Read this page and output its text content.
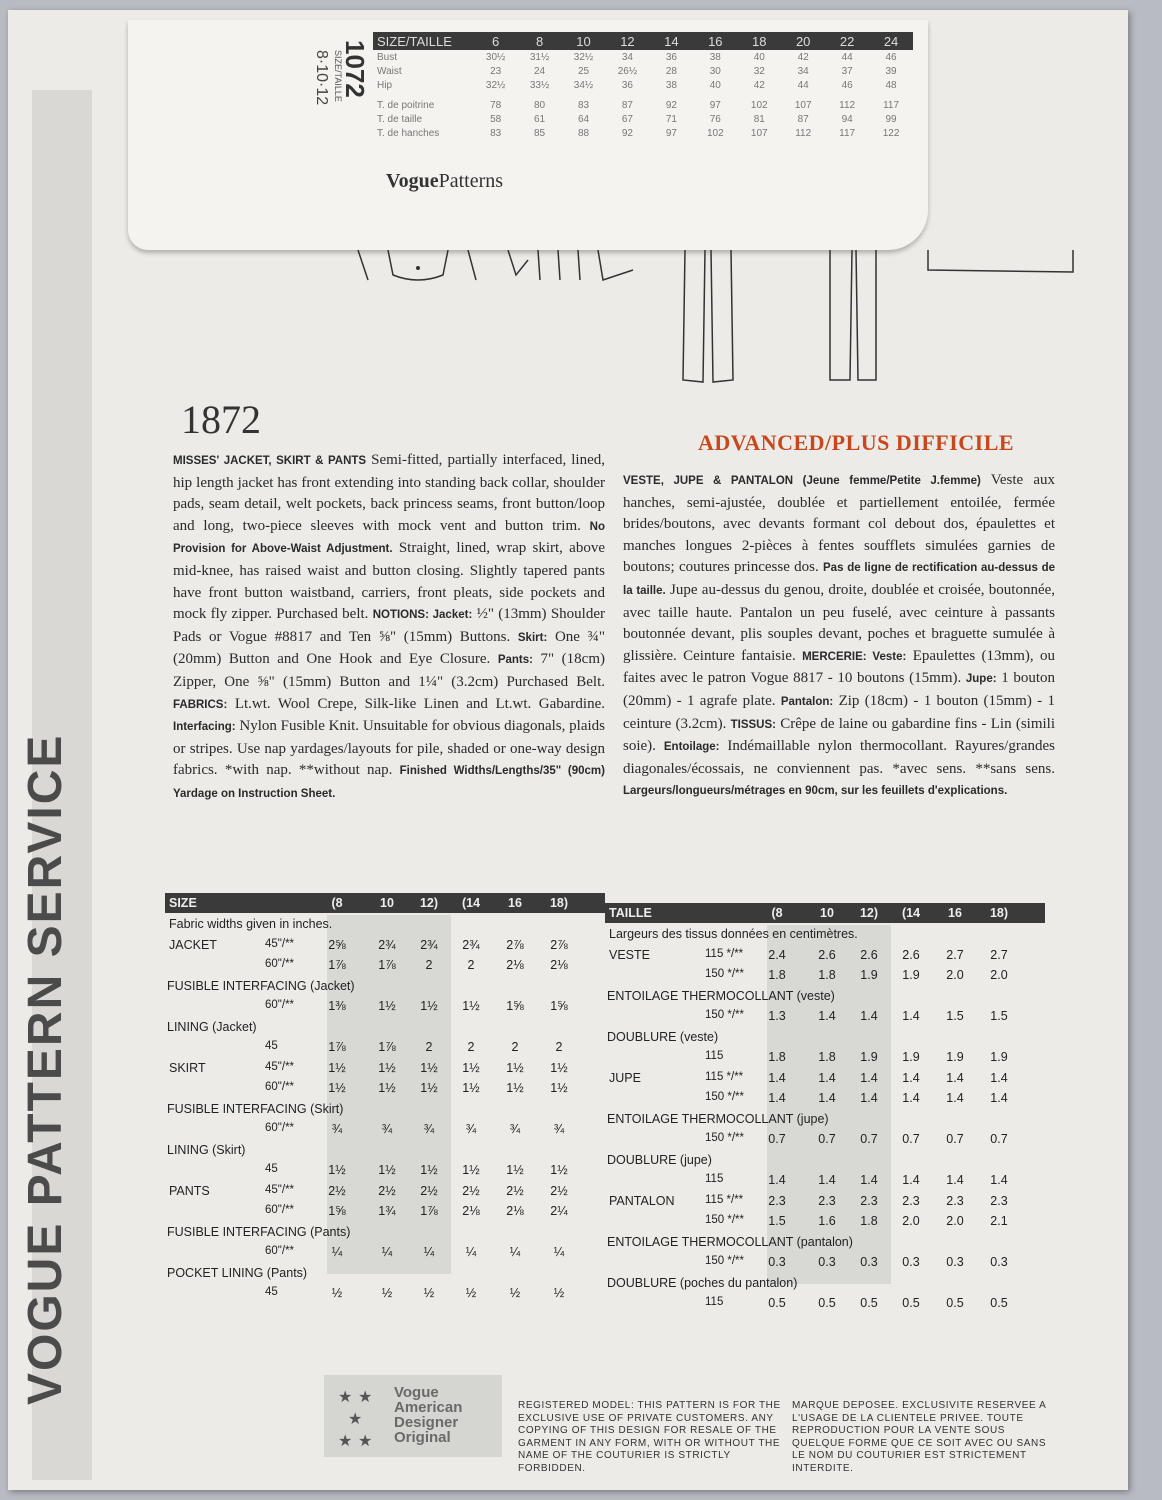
VOGUE PATTERN SERVICE
SIZE/TAILLE	6	8	10	12	14	16	18	20	22	24
Bust	30½	31½	32½	34	36	38	40	42	44	46
Waist	23	24	25	26½	28	30	32	34	37	39
Hip	32½	33½	34½	36	38	40	42	44	46	48
T. de poitrine	78	80	83	87	92	97	102	107	112	117
T. de taille	58	61	64	67	71	76	81	87	94	99
T. de hanches	83	85	88	92	97	102	107	112	117	122
VoguePatterns
1072
SIZE/TAILLE
8·10·12
1872
ADVANCED/PLUS DIFFICILE
MISSES' JACKET, SKIRT & PANTS Semi-fitted, partially interfaced, lined, hip length jacket has front extending into standing back collar, shoulder pads, seam detail, welt pockets, back princess seams, front button/loop and long, two-piece sleeves with mock vent and button trim. No Provision for Above-Waist Adjustment. Straight, lined, wrap skirt, above mid-knee, has raised waist and button closing. Slightly tapered pants have front button waistband, carriers, front pleats, side pockets and mock fly zipper. Purchased belt. NOTIONS: Jacket: ½" (13mm) Shoulder Pads or Vogue #8817 and Ten ⅝" (15mm) Buttons. Skirt: One ¾" (20mm) Button and One Hook and Eye Closure. Pants: 7" (18cm) Zipper, One ⅝" (15mm) Button and 1¼" (3.2cm) Purchased Belt. FABRICS: Lt.wt. Wool Crepe, Silk-like Linen and Lt.wt. Gabardine. Interfacing: Nylon Fusible Knit. Unsuitable for obvious diagonals, plaids or stripes. Use nap yardages/layouts for pile, shaded or one-way design fabrics. *with nap. **without nap. Finished Widths/Lengths/35" (90cm) Yardage on Instruction Sheet.
VESTE, JUPE & PANTALON (Jeune femme/Petite J.femme) Veste aux hanches, semi-ajustée, doublée et partiellement entoilée, fermée brides/boutons, avec devants formant col debout dos, épaulettes et manches longues 2-pièces à fentes soufflets simulées garnies de boutons; coutures princesse dos. Pas de ligne de rectification au-dessus de la taille. Jupe au-dessus du genou, droite, doublée et croisée, boutonnée, avec taille haute. Pantalon un peu fuselé, avec ceinture à passants boutonnée devant, plis souples devant, poches et braguette sumulée à glissière. Ceinture fantaisie. MERCERIE: Veste: Epaulettes (13mm), ou faites avec le patron Vogue 8817 - 10 boutons (15mm). Jupe: 1 bouton (20mm) - 1 agrafe plate. Pantalon: Zip (18cm) - 1 bouton (15mm) - 1 ceinture (3.2cm). TISSUS: Crêpe de laine ou gabardine fins - Lin (simili soie). Entoilage: Indémaillable nylon thermocollant. Rayures/grandes diagonales/écossais, ne conviennent pas. *avec sens. **sans sens. Largeurs/longueurs/métrages en 90cm, sur les feuillets d'explications.
SIZE	(8	10	12)	(14	16	18)
Fabric widths given in inches.
JACKET	45"/**	2⅝	2¾	2¾	2¾	2⅞	2⅞
60"/**	1⅞	1⅞	2	2	2⅛	2⅛
FUSIBLE INTERFACING (Jacket)
60"/**	1⅜	1½	1½	1½	1⅝	1⅝
LINING (Jacket)
45	1⅞	1⅞	2	2	2	2
SKIRT	45"/**	1½	1½	1½	1½	1½	1½
60"/**	1½	1½	1½	1½	1½	1½
FUSIBLE INTERFACING (Skirt)
60"/**	¾	¾	¾	¾	¾	¾
LINING (Skirt)
45	1½	1½	1½	1½	1½	1½
PANTS	45"/**	2½	2½	2½	2½	2½	2½
60"/**	1⅝	1¾	1⅞	2⅛	2⅛	2¼
FUSIBLE INTERFACING (Pants)
60"/**	¼	¼	¼	¼	¼	¼
POCKET LINING (Pants)
45	½	½	½	½	½	½
TAILLE	(8	10	12)	(14	16	18)
Largeurs des tissus données en centimètres.
VESTE	115 */**	2.4	2.6	2.6	2.6	2.7	2.7
150 */**	1.8	1.8	1.9	1.9	2.0	2.0
ENTOILAGE THERMOCOLLANT (veste)
150 */**	1.3	1.4	1.4	1.4	1.5	1.5
DOUBLURE (veste)
115	1.8	1.8	1.9	1.9	1.9	1.9
JUPE	115 */**	1.4	1.4	1.4	1.4	1.4	1.4
150 */**	1.4	1.4	1.4	1.4	1.4	1.4
ENTOILAGE THERMOCOLLANT (jupe)
150 */**	0.7	0.7	0.7	0.7	0.7	0.7
DOUBLURE (jupe)
115	1.4	1.4	1.4	1.4	1.4	1.4
PANTALON	115 */**	2.3	2.3	2.3	2.3	2.3	2.3
150 */**	1.5	1.6	1.8	2.0	2.0	2.1
ENTOILAGE THERMOCOLLANT (pantalon)
150 */**	0.3	0.3	0.3	0.3	0.3	0.3
DOUBLURE (poches du pantalon)
115	0.5	0.5	0.5	0.5	0.5	0.5
★ ★
★
★ ★
Vogue
American
Designer
Original
REGISTERED MODEL: THIS PATTERN IS FOR THE EXCLUSIVE USE OF PRIVATE CUSTOMERS. ANY COPYING OF THIS DESIGN FOR RESALE OF THE GARMENT IN ANY FORM, WITH OR WITHOUT THE NAME OF THE COUTURIER IS STRICTLY FORBIDDEN.
MARQUE DEPOSEE. EXCLUSIVITE RESERVEE A L'USAGE DE LA CLIENTELE PRIVEE. TOUTE REPRODUCTION POUR LA VENTE SOUS QUELQUE FORME QUE CE SOIT AVEC OU SANS LE NOM DU COUTURIER EST STRICTEMENT INTERDITE.
